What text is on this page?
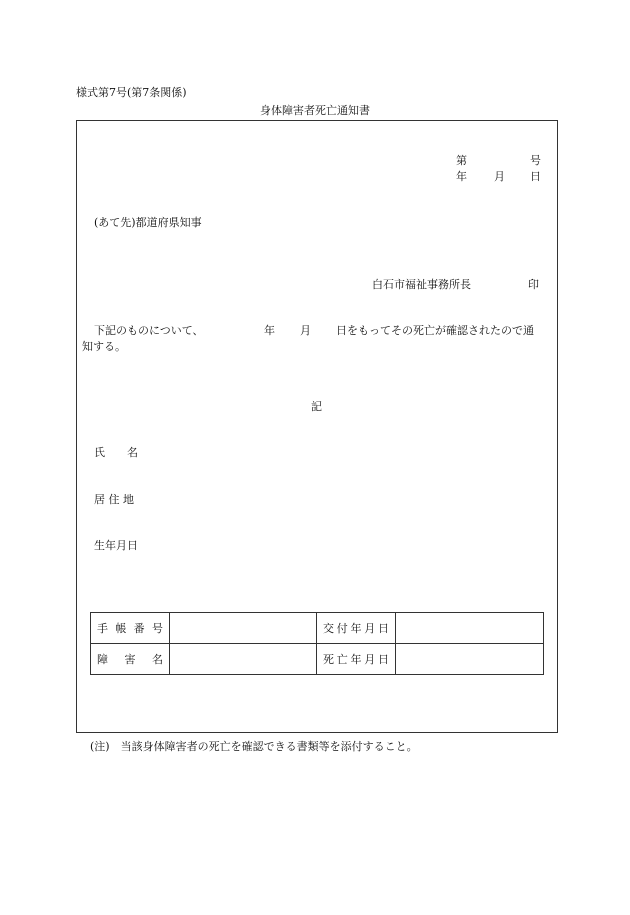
様式第7号(第7条関係)
身体障害者死亡通知書
第	号
年 月 日
(あて先)都道府県知事
白石市福祉事務所長	印
下記のものについて、	年 月 日をもってその死亡が確認されたので通
知する。
記
氏　　名
居 住 地
生年月日
手 帳 番 号		交付年月日	
障　害　名		死亡年月日	
(注)　当該身体障害者の死亡を確認できる書類等を添付すること。
